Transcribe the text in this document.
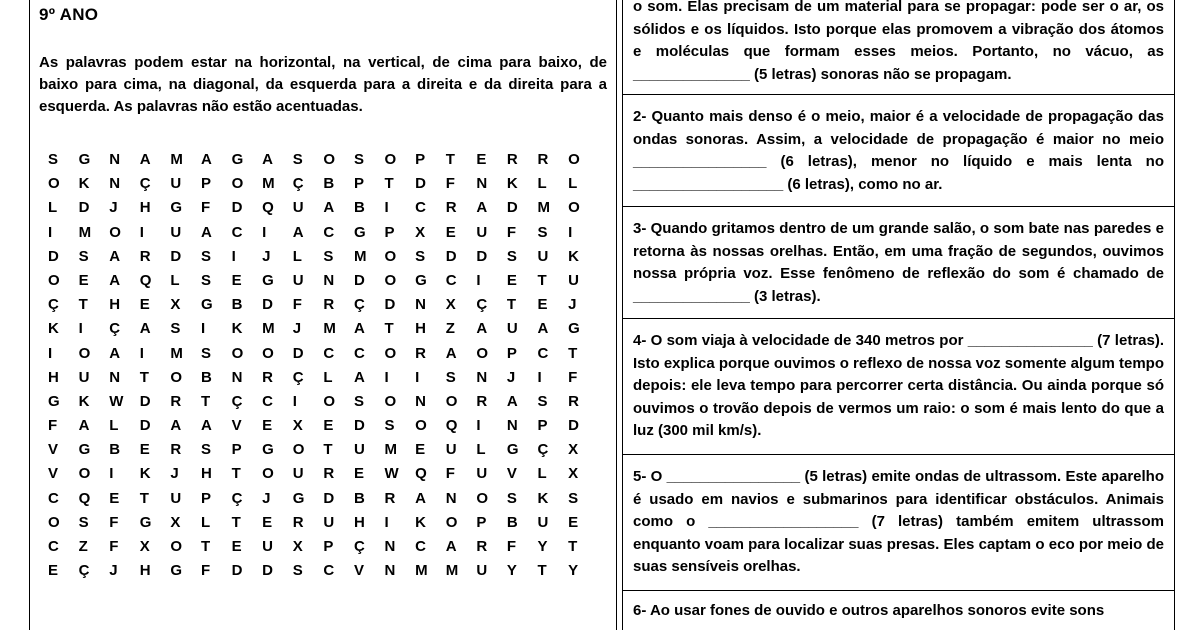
9º ANO

As palavras podem estar na horizontal, na vertical, de cima para baixo, de baixo para cima, na diagonal, da esquerda para a direita e da direita para a esquerda. As palavras não estão acentuadas.

S	G	N	A	M	A	G	A	S	O	S	O	P	T	E	R	R	O
O	K	N	Ç	U	P	O	M	Ç	B	P	T	D	F	N	K	L	L
L	D	J	H	G	F	D	Q	U	A	B	I	C	R	A	D	M	O
I	M	O	I	U	A	C	I	A	C	G	P	X	E	U	F	S	I
D	S	A	R	D	S	I	J	L	S	M	O	S	D	D	S	U	K
O	E	A	Q	L	S	E	G	U	N	D	O	G	C	I	E	T	U
Ç	T	H	E	X	G	B	D	F	R	Ç	D	N	X	Ç	T	E	J
K	I	Ç	A	S	I	K	M	J	M	A	T	H	Z	A	U	A	G
I	O	A	I	M	S	O	O	D	C	C	O	R	A	O	P	C	T
H	U	N	T	O	B	N	R	Ç	L	A	I	I	S	N	J	I	F
G	K	W	D	R	T	Ç	C	I	O	S	O	N	O	R	A	S	R
F	A	L	D	A	A	V	E	X	E	D	S	O	Q	I	N	P	D
V	G	B	E	R	S	P	G	O	T	U	M	E	U	L	G	Ç	X
V	O	I	K	J	H	T	O	U	R	E	W	Q	F	U	V	L	X
C	Q	E	T	U	P	Ç	J	G	D	B	R	A	N	O	S	K	S
O	S	F	G	X	L	T	E	R	U	H	I	K	O	P	B	U	E
C	Z	F	X	O	T	E	U	X	P	Ç	N	C	A	R	F	Y	T
E	Ç	J	H	G	F	D	D	S	C	V	N	M	M	U	Y	T	Y

o som. Elas precisam de um material para se propagar: pode ser o ar, os sólidos e os líquidos. Isto porque elas promovem a vibração dos átomos e moléculas que formam esses meios. Portanto, no vácuo, as ______________ (5 letras) sonoras não se propagam.

2- Quanto mais denso é o meio, maior é a velocidade de propagação das ondas sonoras. Assim, a velocidade de propagação é maior no meio ________________ (6 letras), menor no líquido e mais lenta no __________________ (6 letras), como no ar.

3- Quando gritamos dentro de um grande salão, o som bate nas paredes e retorna às nossas orelhas. Então, em uma fração de segundos, ouvimos nossa própria voz. Esse fenômeno de reflexão do som é chamado de ______________ (3 letras).

4- O som viaja à velocidade de 340 metros por _______________ (7 letras). Isto explica porque ouvimos o reflexo de nossa voz somente algum tempo depois: ele leva tempo para percorrer certa distância. Ou ainda porque só ouvimos o trovão depois de vermos um raio: o som é mais lento do que a luz (300 mil km/s).

5- O ________________ (5 letras) emite ondas de ultrassom. Este aparelho é usado em navios e submarinos para identificar obstáculos. Animais como o __________________ (7 letras) também emitem ultrassom enquanto voam para localizar suas presas. Eles captam o eco por meio de suas sensíveis orelhas.

6- Ao usar fones de ouvido e outros aparelhos sonoros evite sons
